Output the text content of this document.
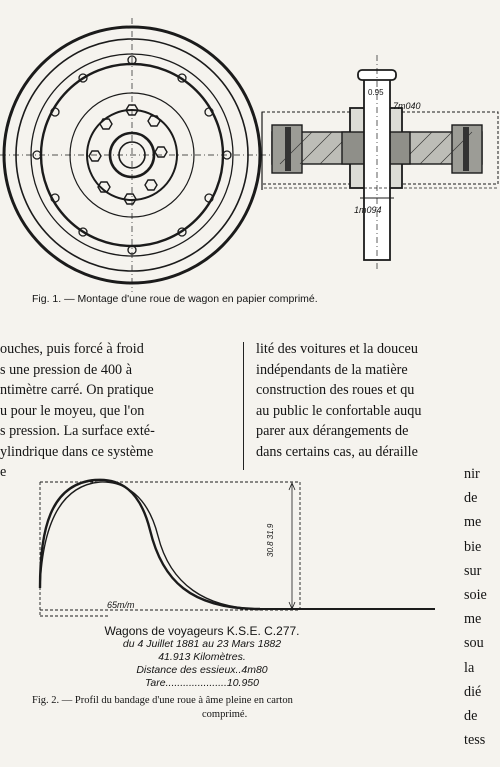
0.95
7m040
1m094
Fig. 1. — Montage d'une roue de wagon en papier comprimé.
ouches, puis forcé à froid
s une pression de 400 à
ntimètre carré. On pratique
u pour le moyeu, que l'on
s pression. La surface exté-
ylindrique dans ce système
e
lité des voitures et la douceu
indépendants de la matière
construction des roues et qu
au public le confortable auqu
parer aux dérangements de
dans certains cas, au déraille
nir
de
me
bie
sur
soie
me
sou
la
dié
de
tess
65m/m
30.8 31.9
Wagons de voyageurs K.S.E. C.277.
du 4 Juillet 1881 au 23 Mars 1882
41.913 Kilomètres.
Distance des essieux..4m80
Tare.....................10.950
Fig. 2. — Profil du bandage d'une roue à âme pleine en carton
comprimé.
